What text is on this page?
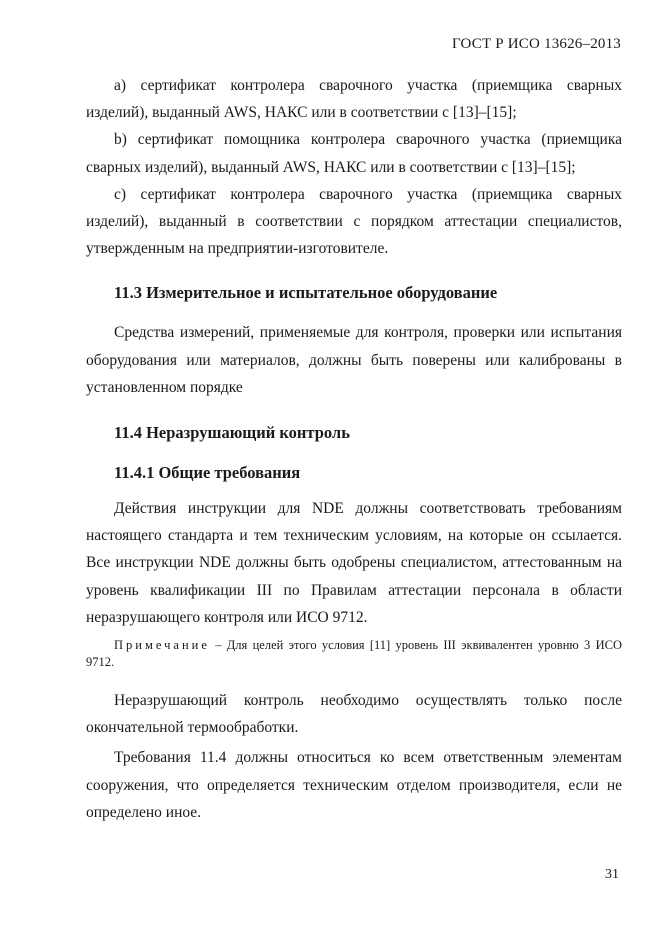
ГОСТ Р ИСО 13626–2013

а) сертификат контролера сварочного участка (приемщика сварных изделий), выданный AWS, НАКС или в соответствии с [13]–[15];

b) сертификат помощника контролера сварочного участка (приемщика сварных изделий), выданный AWS, НАКС или в соответствии с [13]–[15];

с) сертификат контролера сварочного участка (приемщика сварных изделий), выданный в соответствии с порядком аттестации специалистов, утвержденным на предприятии-изготовителе.

11.3 Измерительное и испытательное оборудование

Средства измерений, применяемые для контроля, проверки или испытания оборудования или материалов, должны быть поверены или калиброваны в установленном порядке

11.4 Неразрушающий контроль
11.4.1 Общие требования

Действия инструкции для NDE должны соответствовать требованиям настоящего стандарта и тем техническим условиям, на которые он ссылается. Все инструкции NDE должны быть одобрены специалистом, аттестованным на уровень квалификации III по Правилам аттестации персонала в области неразрушающего контроля или ИСО 9712.

Примечание – Для целей этого условия [11] уровень III эквивалентен уровню 3 ИСО 9712.

Неразрушающий контроль необходимо осуществлять только после окончательной термообработки.

Требования 11.4 должны относиться ко всем ответственным элементам сооружения, что определяется техническим отделом производителя, если не определено иное.

31
